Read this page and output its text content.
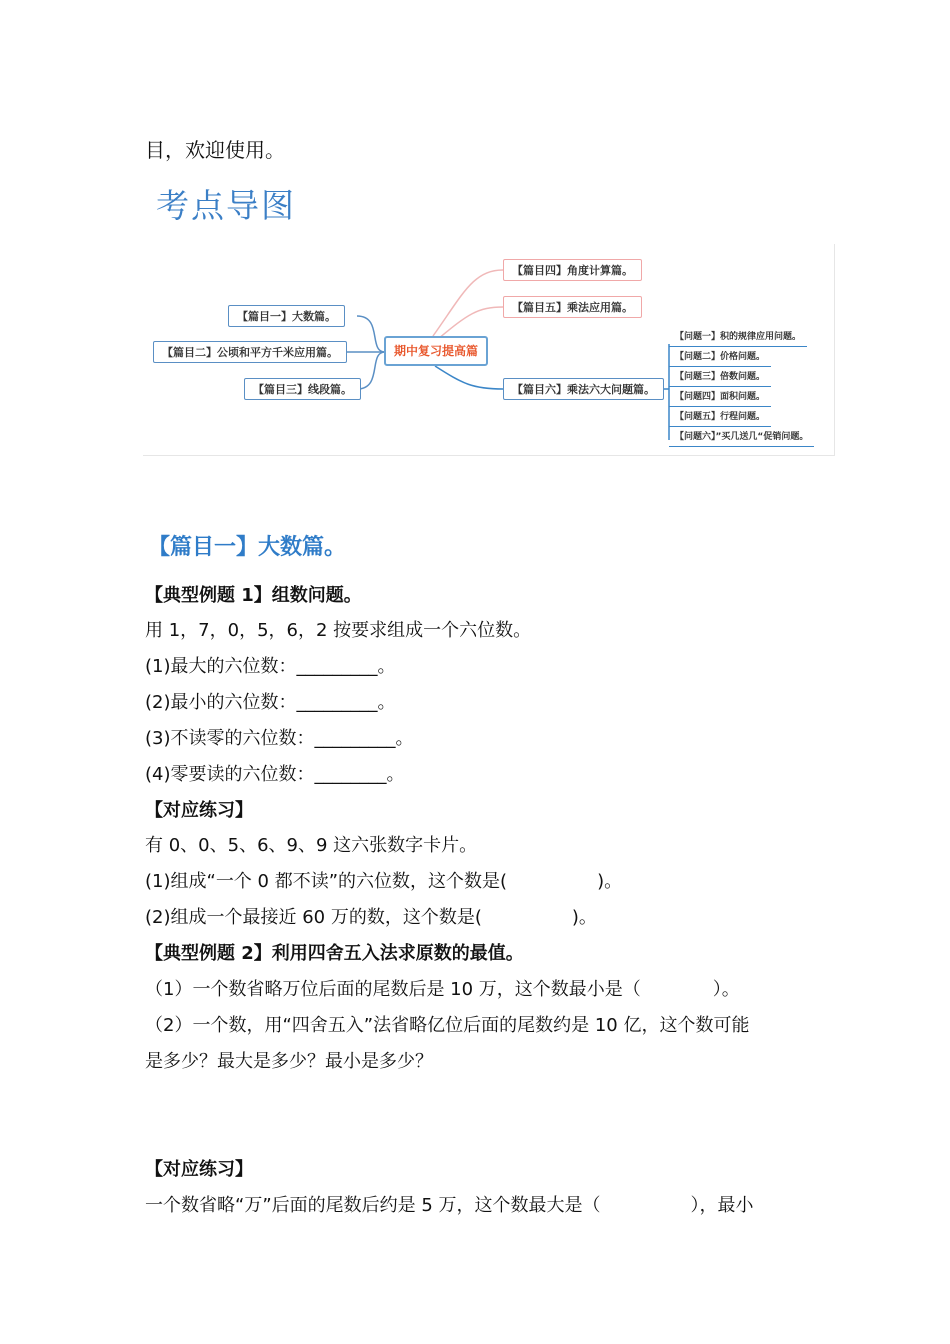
目，欢迎使用。
考点导图
【篇目一】大数篇。
【篇目二】公顷和平方千米应用篇。
【篇目三】线段篇。
期中复习提高篇
【篇目四】角度计算篇。
【篇目五】乘法应用篇。
【篇目六】乘法六大问题篇。
【问题一】积的规律应用问题。
【问题二】价格问题。
【问题三】倍数问题。
【问题四】面积问题。
【问题五】行程问题。
【问题六】”买几送几“促销问题。
【篇目一】大数篇。
【典型例题 1】组数问题。
用 1，7，0，5，6，2 按要求组成一个六位数。
(1)最大的六位数：_________。
(2)最小的六位数：_________。
(3)不读零的六位数：_________。
(4)零要读的六位数：________。
【对应练习】
有 0、0、5、6、9、9 这六张数字卡片。
(1)组成“一个 0 都不读”的六位数，这个数是(　　　　　)。
(2)组成一个最接近 60 万的数，这个数是(　　　　　)。
【典型例题 2】利用四舍五入法求原数的最值。
（1）一个数省略万位后面的尾数后是 10 万，这个数最小是（　　　　）。
（2）一个数，用“四舍五入”法省略亿位后面的尾数约是 10 亿，这个数可能
是多少？最大是多少？最小是多少？
【对应练习】
一个数省略“万”后面的尾数后约是 5 万，这个数最大是（　　　　　），最小
